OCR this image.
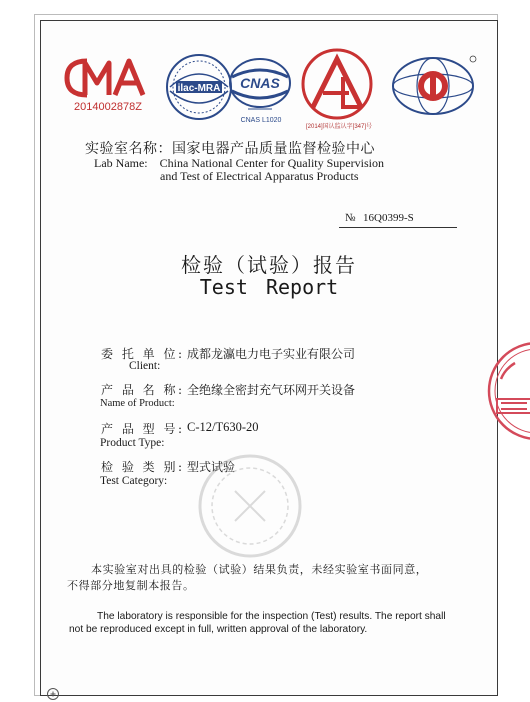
2014002878Z
ilac-MRA CNAS
CNAS L1020
[2014]国认监认字[347]号
实验室名称：国家电器产品质量监督检验中心
Lab Name: China National Center for Quality Supervision
and Test of Electrical Apparatus Products
№ 16Q0399-S
检验（试验）报告
Test Report
委 托 单 位: 成都龙瀛电力电子实业有限公司
Client:
产 品 名 称: 全绝缘全密封充气环网开关设备
Name of Product:
产 品 型 号: C-12/T630-20
Product Type:
检 验 类 别: 型式试验
Test Category:
本实验室对出具的检验（试验）结果负责，未经实验室书面同意，
不得部分地复制本报告。
The laboratory is responsible for the inspection (Test) results. The report shall
not be reproduced except in full, written approval of the laboratory.
